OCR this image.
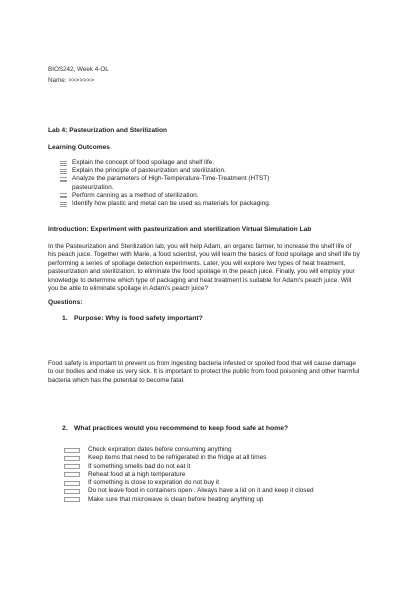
BIOS242, Week 4-OL
Name: >>>>>>>
Lab 4: Pasteurization and Sterilization
Learning Outcomes
Explain the concept of food spoilage and shelf life.
Explain the principle of pasteurization and sterilization.
Analyze the parameters of High-Temperature-Time-Treatment (HTST) pasteurization.
Perform canning as a method of sterilization.
Identify how plastic and metal can be used as materials for packaging.
Introduction: Experiment with pasteurization and sterilization Virtual Simulation Lab
In the Pasteurization and Sterilization lab, you will help Adam, an organic farmer, to increase the shelf life of his peach juice. Together with Marie, a food scientist, you will learn the basics of food spoilage and shelf life by performing a series of spoilage detection experiments. Later, you will explore two types of heat treatment, pasteurization and sterilization, to eliminate the food spoilage in the peach juice. Finally, you will employ your knowledge to determine which type of packaging and heat treatment is suitable for Adam's peach juice. Will you be able to eliminate spoilage in Adam's peach juice?
Questions:
1. Purpose: Why is food safety important?
Food safety is important to prevent us from ingesting bacteria infested or spoiled food that will cause damage to our bodies and make us very sick. It is important to protect the public from food poisoning and other harmful bacteria which has the potential to become fatal.
2. What practices would you recommend to keep food safe at home?
Check expiration dates before consuming anything
Keep items that need to be refrigerated in the fridge at all times
If something smells bad do not eat it
Reheat food at a high temperature
If something is close to expiration do not buy it
Do not leave food in containers open . Always have a lid on it and keep it closed
Make sure that microwave is clean before heating anything up
